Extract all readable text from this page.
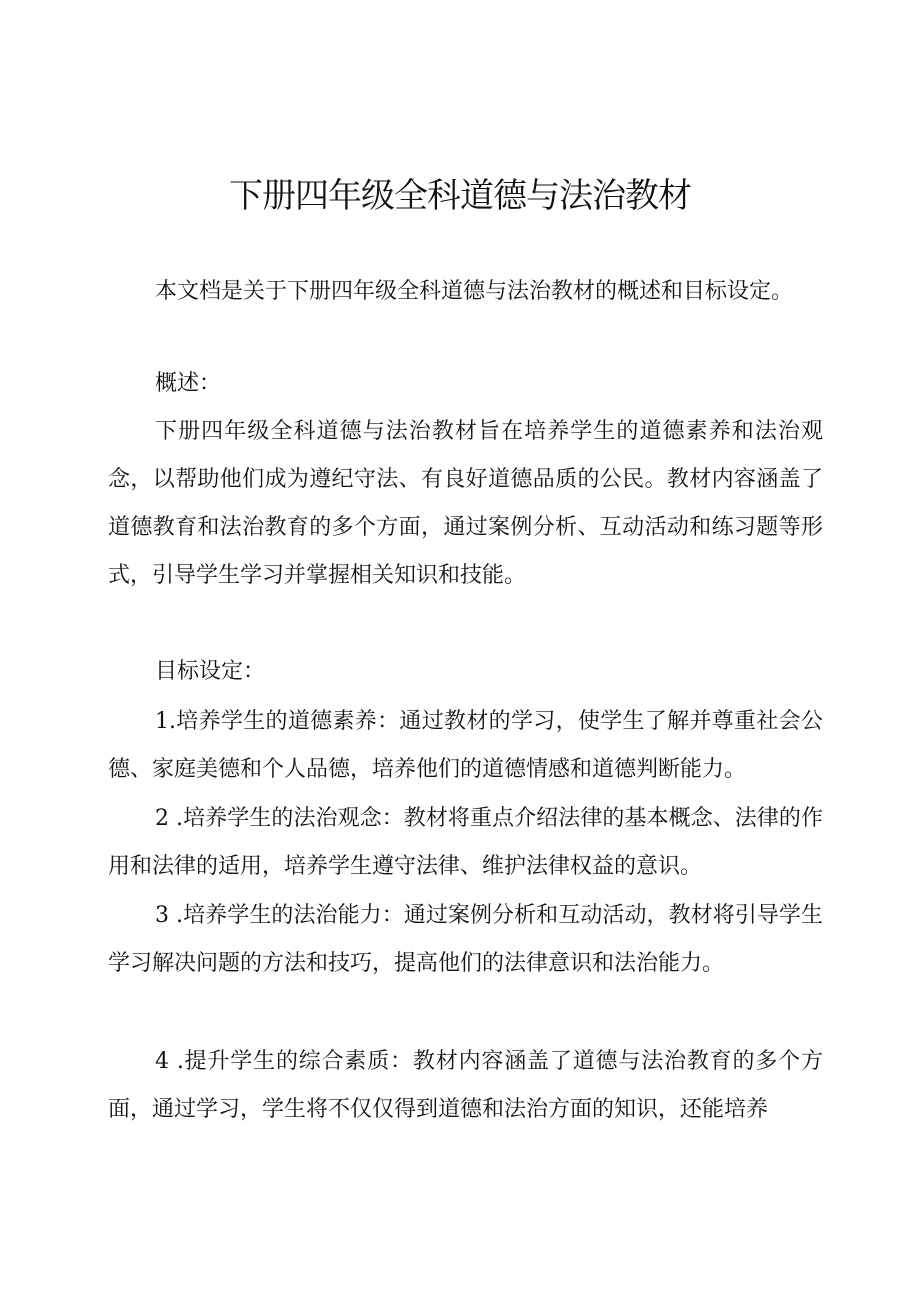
下册四年级全科道德与法治教材

本文档是关于下册四年级全科道德与法治教材的概述和目标设定。

概述：

下册四年级全科道德与法治教材旨在培养学生的道德素养和法治观念，以帮助他们成为遵纪守法、有良好道德品质的公民。教材内容涵盖了道德教育和法治教育的多个方面，通过案例分析、互动活动和练习题等形式，引导学生学习并掌握相关知识和技能。

目标设定：

1.培养学生的道德素养：通过教材的学习，使学生了解并尊重社会公德、家庭美德和个人品德，培养他们的道德情感和道德判断能力。

2 .培养学生的法治观念：教材将重点介绍法律的基本概念、法律的作用和法律的适用，培养学生遵守法律、维护法律权益的意识。

3 .培养学生的法治能力：通过案例分析和互动活动，教材将引导学生学习解决问题的方法和技巧，提高他们的法律意识和法治能力。

4 .提升学生的综合素质：教材内容涵盖了道德与法治教育的多个方面，通过学习，学生将不仅仅得到道德和法治方面的知识，还能培养
